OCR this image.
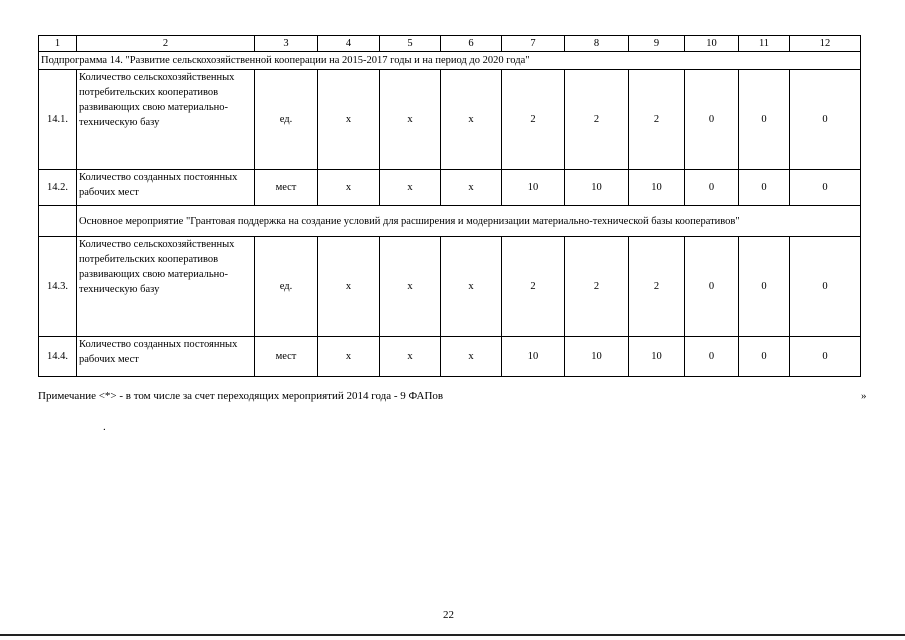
1	2	3	4	5	6	7	8	9	10	11	12
Подпрограмма 14. "Развитие сельскохозяйственной кооперации на 2015-2017 годы и на период до 2020 года"											
14.1.	Количество сельскохозяйственных потребительских кооперативов развивающих свою материально-техническую базу	ед.	х	х	х	2	2	2	0	0	0
14.2.	Количество созданных постоянных рабочих мест	мест	х	х	х	10	10	10	0	0	0
	Основное мероприятие "Грантовая поддержка на создание условий для расширения и модернизации материально-технической базы кооперативов"										
14.3.	Количество сельскохозяйственных потребительских кооперативов развивающих свою материально-техническую базу	ед.	х	х	х	2	2	2	0	0	0
14.4.	Количество созданных постоянных рабочих мест	мест	х	х	х	10	10	10	0	0	0
Примечание <*> - в том числе за счет переходящих мероприятий 2014 года - 9 ФАПов	»
.
22
